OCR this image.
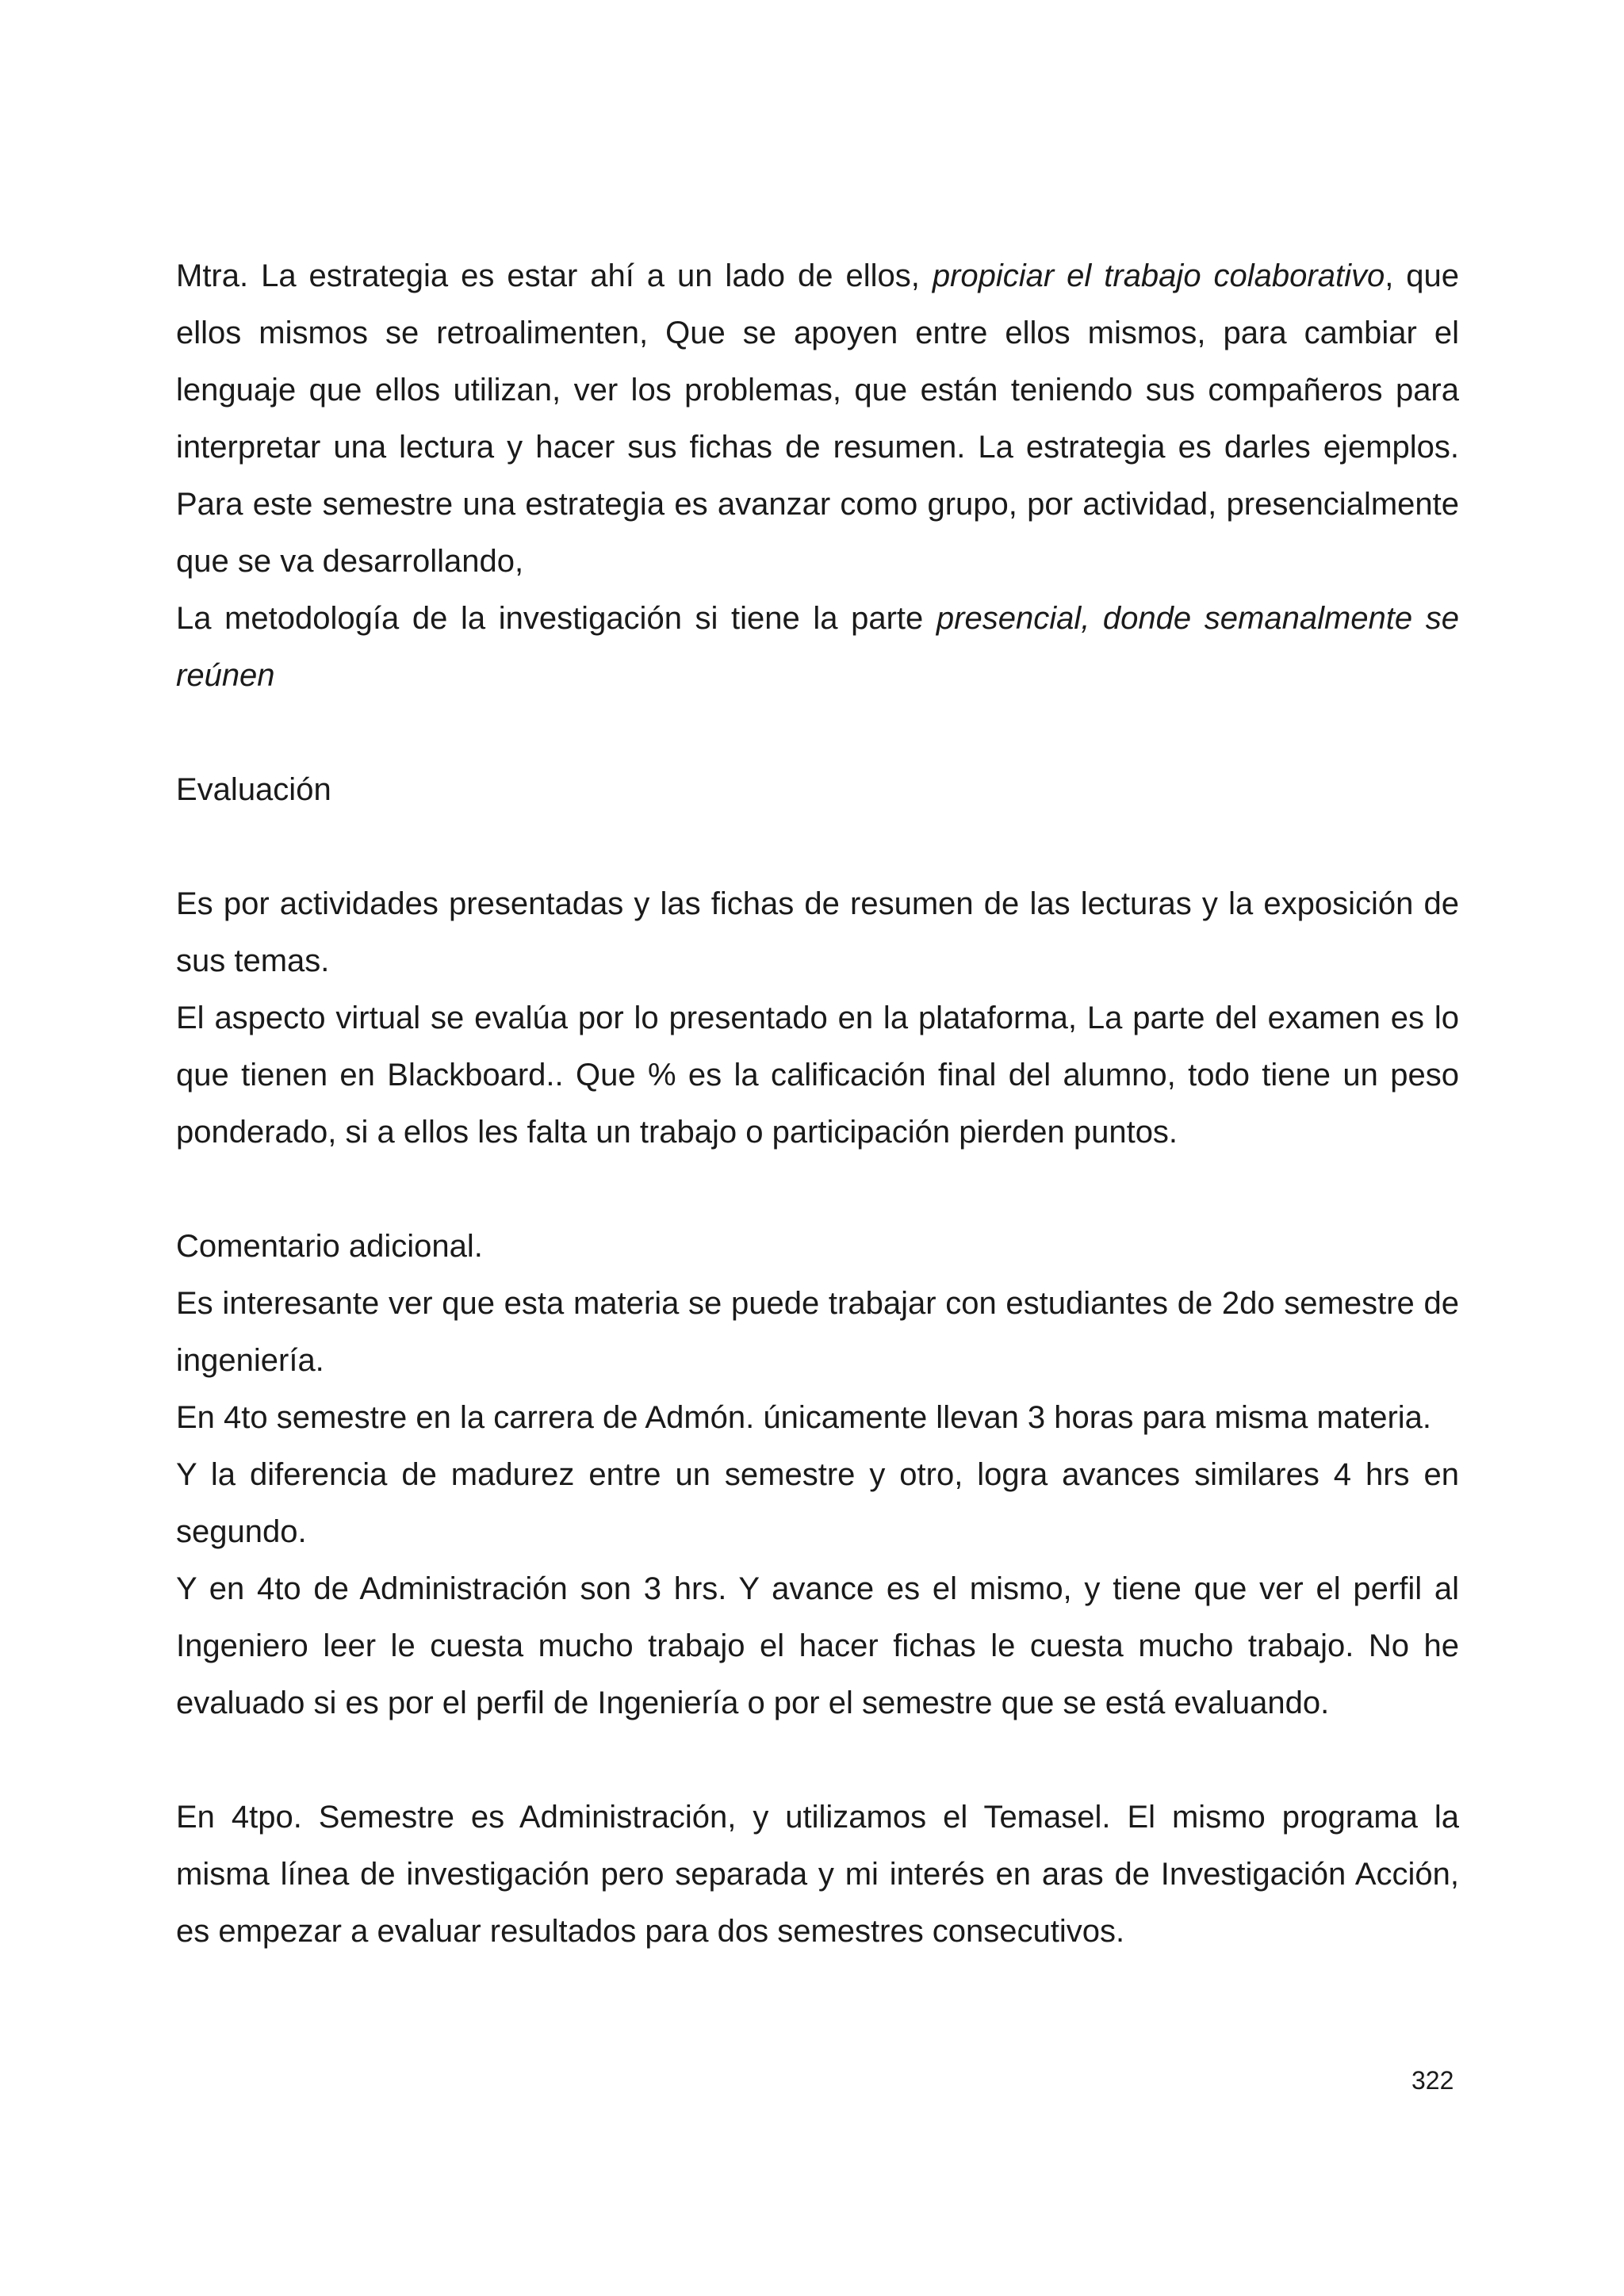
Mtra. La estrategia es estar ahí a un lado de ellos, propiciar el trabajo colaborativo, que ellos mismos se retroalimenten, Que se apoyen entre ellos mismos, para cambiar el lenguaje que ellos utilizan, ver los problemas, que están teniendo sus compañeros para interpretar una lectura y hacer sus fichas de resumen. La estrategia es darles ejemplos. Para este semestre una estrategia es avanzar como grupo, por actividad, presencialmente que se va desarrollando,

La metodología de la investigación si tiene la parte presencial, donde semanalmente se reúnen

Evaluación

Es por actividades presentadas y las fichas de resumen de las lecturas y la exposición de sus temas.

El aspecto virtual se evalúa por lo presentado en la plataforma, La parte del examen es lo que tienen en Blackboard.. Que % es la calificación final del alumno, todo tiene un peso ponderado, si a ellos les falta un trabajo o participación pierden puntos.

Comentario adicional.

Es interesante ver que esta materia se puede trabajar con estudiantes de 2do semestre de ingeniería.

En 4to semestre en la carrera de Admón. únicamente llevan 3 horas para misma materia.

Y la diferencia de madurez entre un semestre y otro, logra avances similares 4 hrs en segundo.

Y en 4to de Administración son 3 hrs. Y avance es el mismo, y tiene que ver el perfil al Ingeniero leer le cuesta mucho trabajo el hacer fichas le cuesta mucho trabajo. No he evaluado si es por el perfil de Ingeniería o por el semestre que se está evaluando.

En 4tpo. Semestre es Administración, y utilizamos el Temasel. El mismo programa la misma línea de investigación pero separada y mi interés en aras de Investigación Acción, es empezar a evaluar resultados para dos semestres consecutivos.

322
